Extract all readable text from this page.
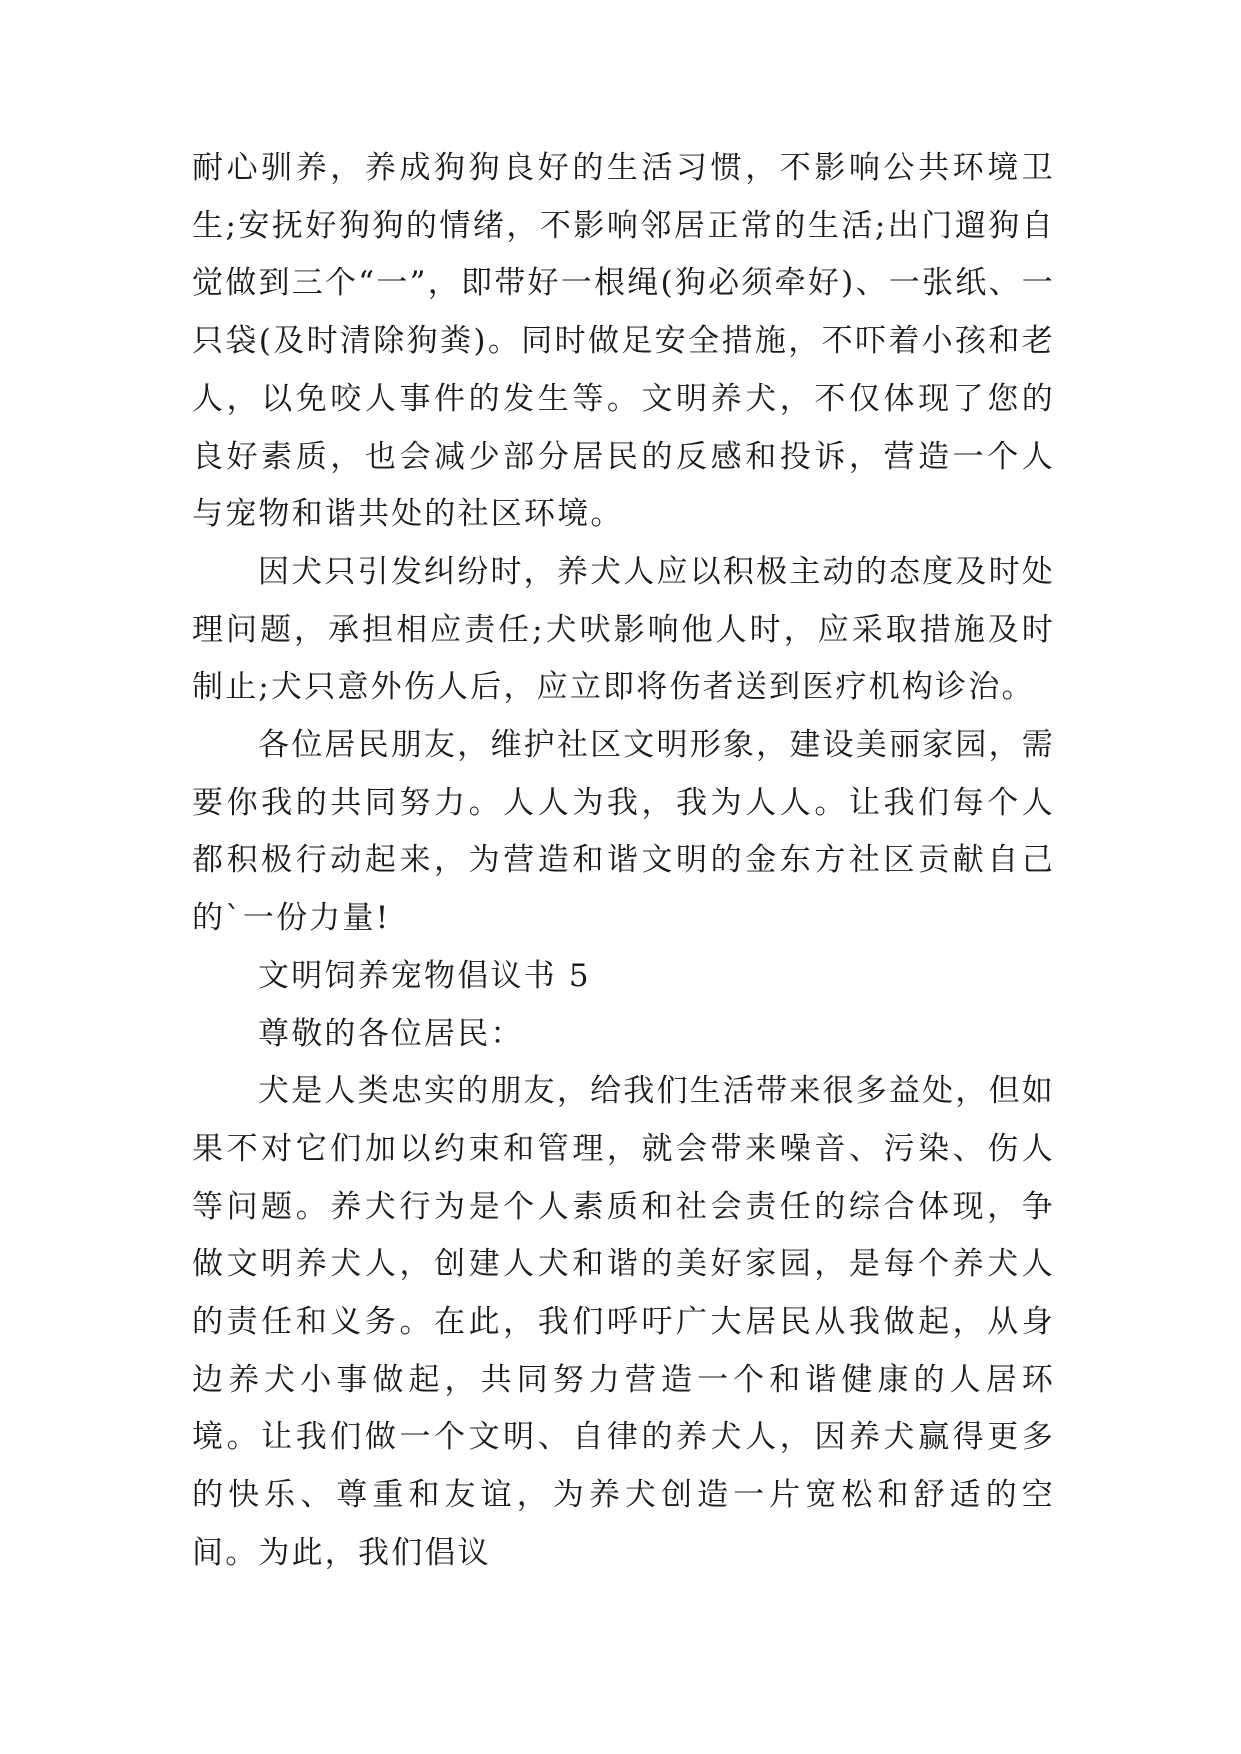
耐心驯养，养成狗狗良好的生活习惯，不影响公共环境卫生;安抚好狗狗的情绪，不影响邻居正常的生活;出门遛狗自觉做到三个“一”，即带好一根绳(狗必须牵好)、一张纸、一只袋(及时清除狗粪)。同时做足安全措施，不吓着小孩和老人，以免咬人事件的发生等。文明养犬，不仅体现了您的良好素质，也会减少部分居民的反感和投诉，营造一个人与宠物和谐共处的社区环境。

因犬只引发纠纷时，养犬人应以积极主动的态度及时处理问题，承担相应责任;犬吠影响他人时，应采取措施及时制止;犬只意外伤人后，应立即将伤者送到医疗机构诊治。

各位居民朋友，维护社区文明形象，建设美丽家园，需要你我的共同努力。人人为我，我为人人。让我们每个人都积极行动起来，为营造和谐文明的金东方社区贡献自己的`一份力量!

文明饲养宠物倡议书 5

尊敬的各位居民：

犬是人类忠实的朋友，给我们生活带来很多益处，但如果不对它们加以约束和管理，就会带来噪音、污染、伤人等问题。养犬行为是个人素质和社会责任的综合体现，争做文明养犬人，创建人犬和谐的美好家园，是每个养犬人的责任和义务。在此，我们呼吁广大居民从我做起，从身边养犬小事做起，共同努力营造一个和谐健康的人居环境。让我们做一个文明、自律的养犬人，因养犬赢得更多的快乐、尊重和友谊，为养犬创造一片宽松和舒适的空间。为此，我们倡议
